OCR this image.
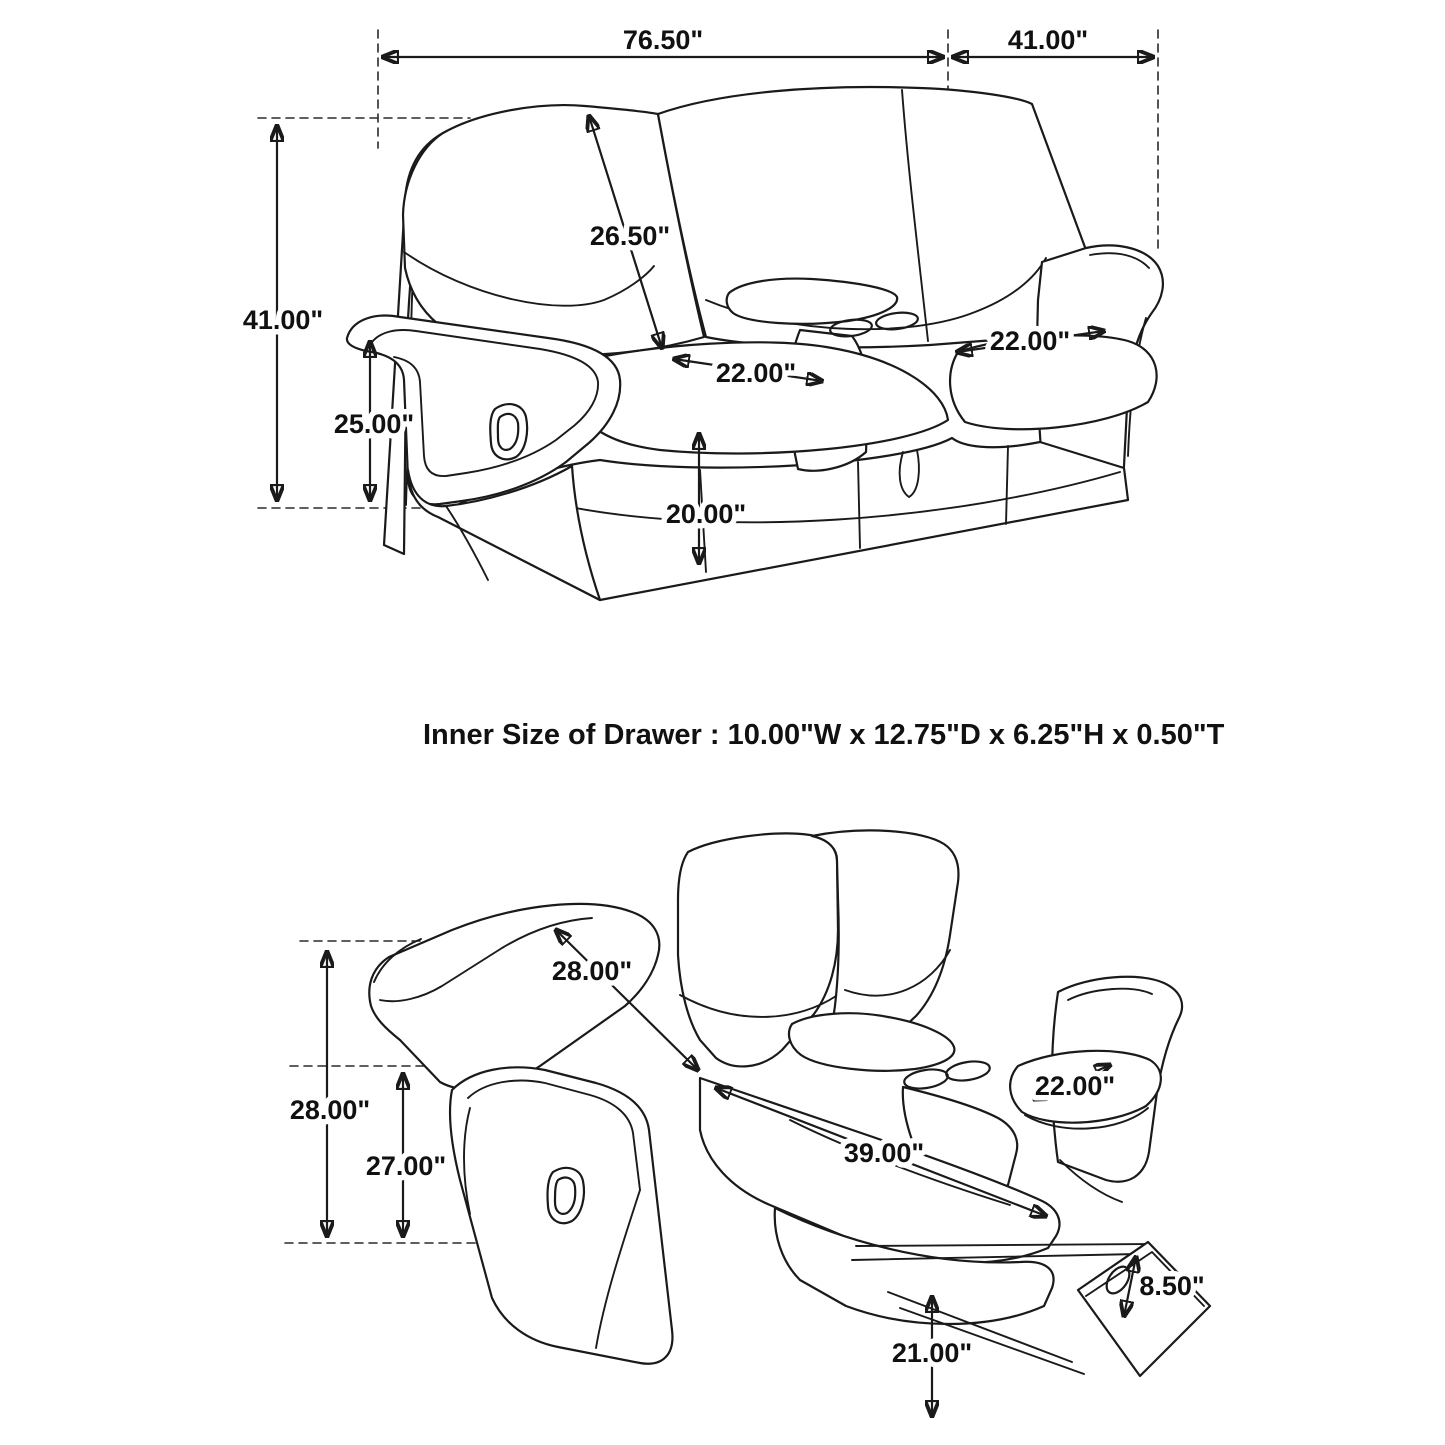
76.50"	41.00"
41.00"
25.00"
26.50"
22.00"
22.00"
20.00"
28.00"
28.00"
27.00"
22.00"
39.00"
21.00"
8.50"
Inner Size of Drawer : 10.00"W x 12.75"D x 6.25"H x 0.50"T
